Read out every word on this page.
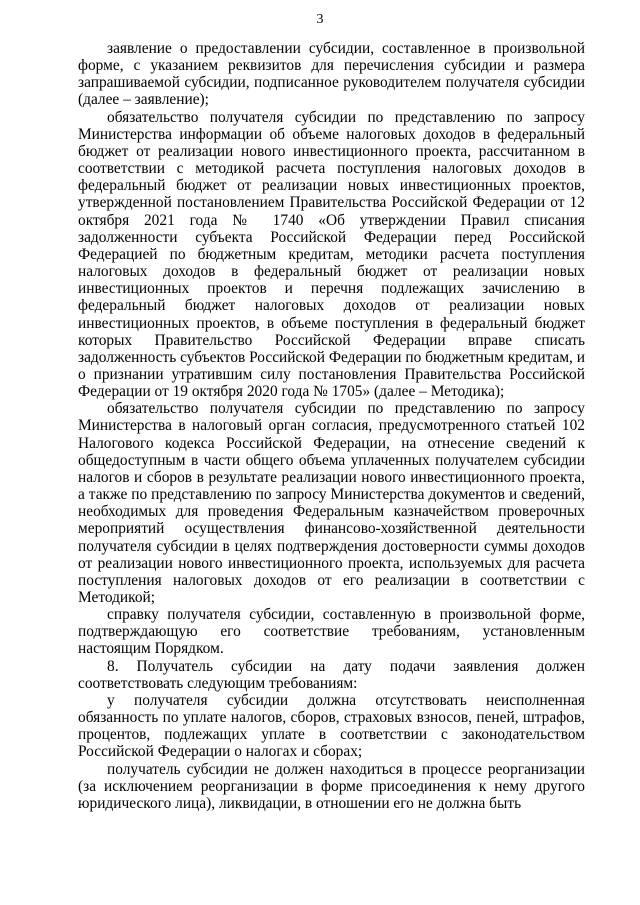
3

заявление о предоставлении субсидии, составленное в произвольной форме, с указанием реквизитов для перечисления субсидии и размера запрашиваемой субсидии, подписанное руководителем получателя субсидии (далее – заявление);

обязательство получателя субсидии по представлению по запросу Министерства информации об объеме налоговых доходов в федеральный бюджет от реализации нового инвестиционного проекта, рассчитанном в соответствии с методикой расчета поступления налоговых доходов в федеральный бюджет от реализации новых инвестиционных проектов, утвержденной постановлением Правительства Российской Федерации от 12 октября 2021 года № 1740 «Об утверждении Правил списания задолженности субъекта Российской Федерации перед Российской Федерацией по бюджетным кредитам, методики расчета поступления налоговых доходов в федеральный бюджет от реализации новых инвестиционных проектов и перечня подлежащих зачислению в федеральный бюджет налоговых доходов от реализации новых инвестиционных проектов, в объеме поступления в федеральный бюджет которых Правительство Российской Федерации вправе списать задолженность субъектов Российской Федерации по бюджетным кредитам, и о признании утратившим силу постановления Правительства Российской Федерации от 19 октября 2020 года № 1705» (далее – Методика);

обязательство получателя субсидии по представлению по запросу Министерства в налоговый орган согласия, предусмотренного статьей 102 Налогового кодекса Российской Федерации, на отнесение сведений к общедоступным в части общего объема уплаченных получателем субсидии налогов и сборов в результате реализации нового инвестиционного проекта, а также по представлению по запросу Министерства документов и сведений, необходимых для проведения Федеральным казначейством проверочных мероприятий осуществления финансово-хозяйственной деятельности получателя субсидии в целях подтверждения достоверности суммы доходов от реализации нового инвестиционного проекта, используемых для расчета поступления налоговых доходов от его реализации в соответствии с Методикой;

справку получателя субсидии, составленную в произвольной форме, подтверждающую его соответствие требованиям, установленным настоящим Порядком.

8. Получатель субсидии на дату подачи заявления должен соответствовать следующим требованиям:

у получателя субсидии должна отсутствовать неисполненная обязанность по уплате налогов, сборов, страховых взносов, пеней, штрафов, процентов, подлежащих уплате в соответствии с законодательством Российской Федерации о налогах и сборах;

получатель субсидии не должен находиться в процессе реорганизации (за исключением реорганизации в форме присоединения к нему другого юридического лица), ликвидации, в отношении его не должна быть
